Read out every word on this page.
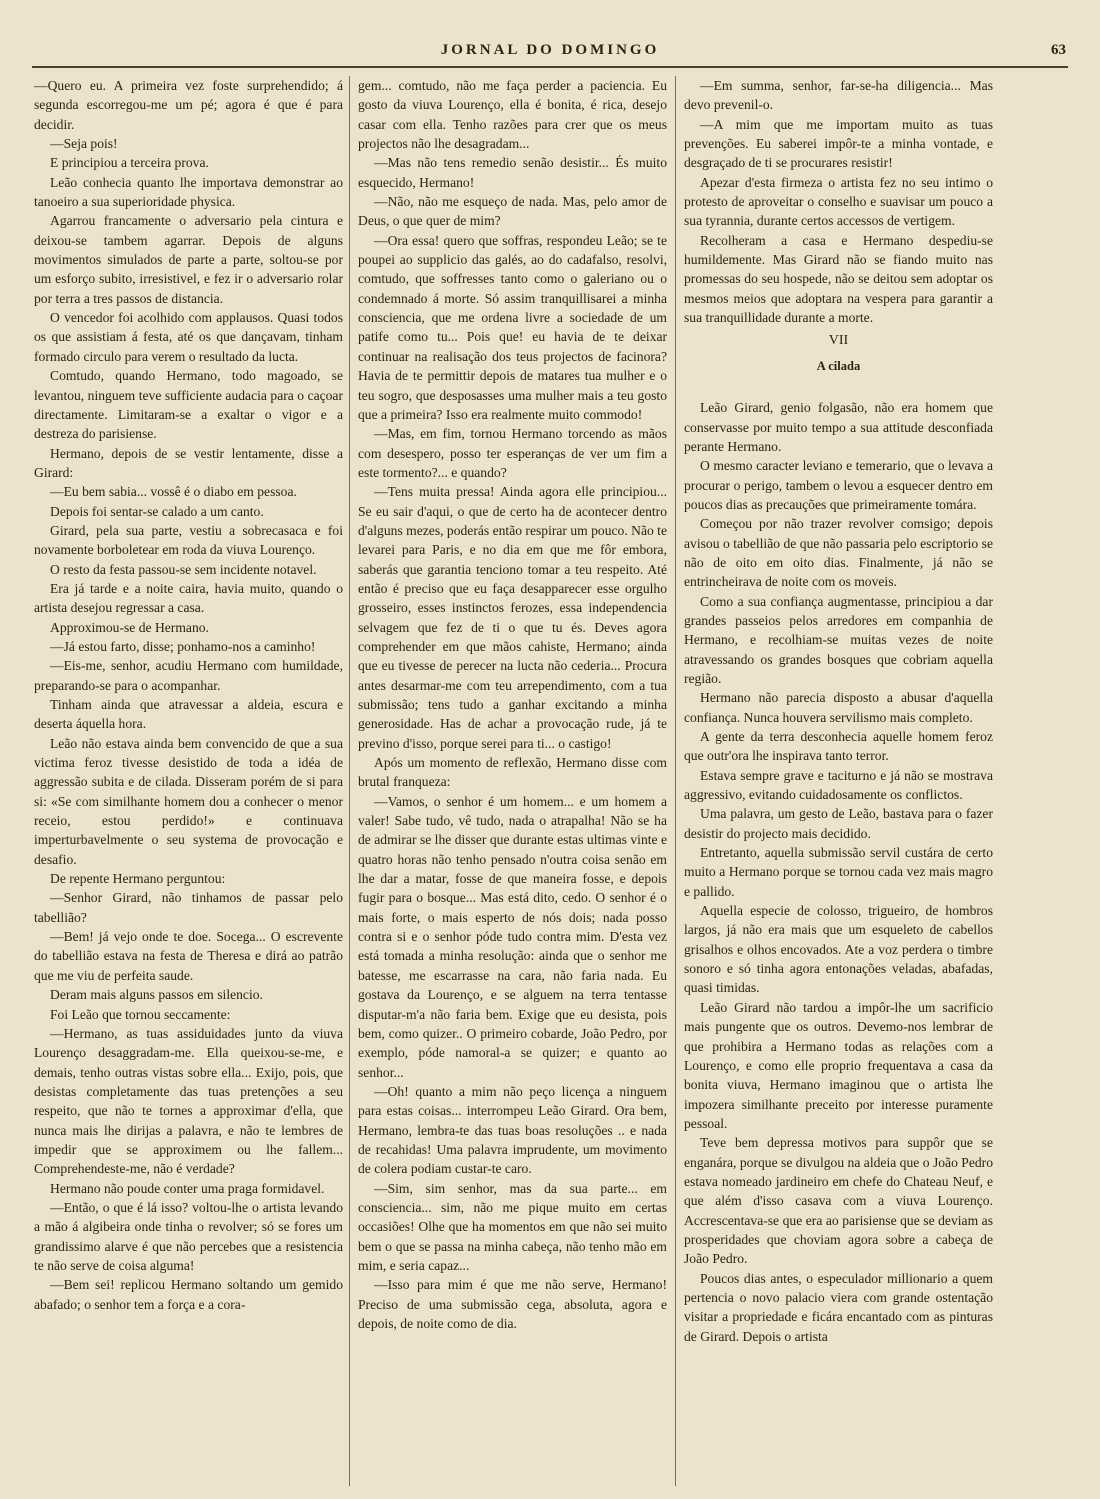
JORNAL DO DOMINGO	63

—Quero eu. A primeira vez foste surprehendido; á segunda escorregou-me um pé; agora é que é para decidir.

—Seja pois!

E principiou a terceira prova.

Leão conhecia quanto lhe importava demonstrar ao tanoeiro a sua superioridade physica.

Agarrou francamente o adversario pela cintura e deixou-se tambem agarrar. Depois de alguns movimentos simulados de parte a parte, soltou-se por um esforço subito, irresistivel, e fez ir o adversario rolar por terra a tres passos de distancia.

O vencedor foi acolhido com applausos. Quasi todos os que assistiam á festa, até os que dançavam, tinham formado circulo para verem o resultado da lucta.

Comtudo, quando Hermano, todo magoado, se levantou, ninguem teve sufficiente audacia para o caçoar directamente. Limitaram-se a exaltar o vigor e a destreza do parisiense.

Hermano, depois de se vestir lentamente, disse a Girard:

—Eu bem sabia... vossê é o diabo em pessoa.

Depois foi sentar-se calado a um canto.

Girard, pela sua parte, vestiu a sobrecasaca e foi novamente borboletear em roda da viuva Lourenço.

O resto da festa passou-se sem incidente notavel.

Era já tarde e a noite caira, havia muito, quando o artista desejou regressar a casa.

Approximou-se de Hermano.

—Já estou farto, disse; ponhamo-nos a caminho!

—Eis-me, senhor, acudiu Hermano com humildade, preparando-se para o acompanhar.

Tinham ainda que atravessar a aldeia, escura e deserta áquella hora.

Leão não estava ainda bem convencido de que a sua victima feroz tivesse desistido de toda a idéa de aggressão subita e de cilada. Disseram porém de si para si: «Se com similhante homem dou a conhecer o menor receio, estou perdido!» e continuava imperturbavelmente o seu systema de provocação e desafio.

De repente Hermano perguntou:

—Senhor Girard, não tinhamos de passar pelo tabellião?

—Bem! já vejo onde te doe. Socega... O escrevente do tabellião estava na festa de Theresa e dirá ao patrão que me viu de perfeita saude.

Deram mais alguns passos em silencio.

Foi Leão que tornou seccamente:

—Hermano, as tuas assiduidades junto da viuva Lourenço desaggradam-me. Ella queixou-se-me, e demais, tenho outras vistas sobre ella... Exijo, pois, que desistas completamente das tuas pretenções a seu respeito, que não te tornes a approximar d'ella, que nunca mais lhe dirijas a palavra, e não te lembres de impedir que se approximem ou lhe fallem... Comprehendeste-me, não é verdade?

Hermano não poude conter uma praga formidavel.

—Então, o que é lá isso? voltou-lhe o artista levando a mão á algibeira onde tinha o revolver; só se fores um grandissimo alarve é que não percebes que a resistencia te não serve de coisa alguma!

—Bem sei! replicou Hermano soltando um gemido abafado; o senhor tem a força e a cora-

gem... comtudo, não me faça perder a paciencia. Eu gosto da viuva Lourenço, ella é bonita, é rica, desejo casar com ella. Tenho razões para crer que os meus projectos não lhe desagradam...

—Mas não tens remedio senão desistir... És muito esquecido, Hermano!

—Não, não me esqueço de nada. Mas, pelo amor de Deus, o que quer de mim?

—Ora essa! quero que soffras, respondeu Leão; se te poupei ao supplicio das galés, ao do cadafalso, resolvi, comtudo, que soffresses tanto como o galeriano ou o condemnado á morte. Só assim tranquillisarei a minha consciencia, que me ordena livre a sociedade de um patife como tu... Pois que! eu havia de te deixar continuar na realisação dos teus projectos de facinora? Havia de te permittir depois de matares tua mulher e o teu sogro, que desposasses uma mulher mais a teu gosto que a primeira? Isso era realmente muito commodo!

—Mas, em fim, tornou Hermano torcendo as mãos com desespero, posso ter esperanças de ver um fim a este tormento?... e quando?

—Tens muita pressa! Ainda agora elle principiou... Se eu sair d'aqui, o que de certo ha de acontecer dentro d'alguns mezes, poderás então respirar um pouco. Não te levarei para Paris, e no dia em que me fôr embora, saberás que garantia tenciono tomar a teu respeito. Até então é preciso que eu faça desapparecer esse orgulho grosseiro, esses instinctos ferozes, essa independencia selvagem que fez de ti o que tu és. Deves agora comprehender em que mãos cahiste, Hermano; ainda que eu tivesse de perecer na lucta não cederia... Procura antes desarmar-me com teu arrependimento, com a tua submissão; tens tudo a ganhar excitando a minha generosidade. Has de achar a provocação rude, já te previno d'isso, porque serei para ti... o castigo!

Após um momento de reflexão, Hermano disse com brutal franqueza:

—Vamos, o senhor é um homem... e um homem a valer! Sabe tudo, vê tudo, nada o atrapalha! Não se ha de admirar se lhe disser que durante estas ultimas vinte e quatro horas não tenho pensado n'outra coisa senão em lhe dar a matar, fosse de que maneira fosse, e depois fugir para o bosque... Mas está dito, cedo. O senhor é o mais forte, o mais esperto de nós dois; nada posso contra si e o senhor póde tudo contra mim. D'esta vez está tomada a minha resolução: ainda que o senhor me batesse, me escarrasse na cara, não faria nada. Eu gostava da Lourenço, e se alguem na terra tentasse disputar-m'a não faria bem. Exige que eu desista, pois bem, como quizer.. O primeiro cobarde, João Pedro, por exemplo, póde namoral-a se quizer; e quanto ao senhor...

—Oh! quanto a mim não peço licença a ninguem para estas coisas... interrompeu Leão Girard. Ora bem, Hermano, lembra-te das tuas boas resoluções .. e nada de recahidas! Uma palavra imprudente, um movimento de colera podiam custar-te caro.

—Sim, sim senhor, mas da sua parte... em consciencia... sim, não me pique muito em certas occasiões! Olhe que ha momentos em que não sei muito bem o que se passa na minha cabeça, não tenho mão em mim, e seria capaz...

—Isso para mim é que me não serve, Hermano! Preciso de uma submissão cega, absoluta, agora e depois, de noite como de dia.

—Em summa, senhor, far-se-ha diligencia... Mas devo prevenil-o.

—A mim que me importam muito as tuas prevenções. Eu saberei impôr-te a minha vontade, e desgraçado de ti se procurares resistir!

Apezar d'esta firmeza o artista fez no seu intimo o protesto de aproveitar o conselho e suavisar um pouco a sua tyrannia, durante certos accessos de vertigem.

Recolheram a casa e Hermano despediu-se humildemente. Mas Girard não se fiando muito nas promessas do seu hospede, não se deitou sem adoptar os mesmos meios que adoptara na vespera para garantir a sua tranquillidade durante a morte.

VII
A cilada

Leão Girard, genio folgasão, não era homem que conservasse por muito tempo a sua attitude desconfiada perante Hermano.

O mesmo caracter leviano e temerario, que o levava a procurar o perigo, tambem o levou a esquecer dentro em poucos dias as precauções que primeiramente tomára.

Começou por não trazer revolver comsigo; depois avisou o tabellião de que não passaria pelo escriptorio se não de oito em oito dias. Finalmente, já não se entrincheirava de noite com os moveis.

Como a sua confiança augmentasse, principiou a dar grandes passeios pelos arredores em companhia de Hermano, e recolhiam-se muitas vezes de noite atravessando os grandes bosques que cobriam aquella região.

Hermano não parecia disposto a abusar d'aquella confiança. Nunca houvera servilismo mais completo.

A gente da terra desconhecia aquelle homem feroz que outr'ora lhe inspirava tanto terror.

Estava sempre grave e taciturno e já não se mostrava aggressivo, evitando cuidadosamente os conflictos.

Uma palavra, um gesto de Leão, bastava para o fazer desistir do projecto mais decidido.

Entretanto, aquella submissão servil custára de certo muito a Hermano porque se tornou cada vez mais magro e pallido.

Aquella especie de colosso, trigueiro, de hombros largos, já não era mais que um esqueleto de cabellos grisalhos e olhos encovados. Ate a voz perdera o timbre sonoro e só tinha agora entonações veladas, abafadas, quasi timidas.

Leão Girard não tardou a impôr-lhe um sacrificio mais pungente que os outros. Devemo-nos lembrar de que prohibira a Hermano todas as relações com a Lourenço, e como elle proprio frequentava a casa da bonita viuva, Hermano imaginou que o artista lhe impozera similhante preceito por interesse puramente pessoal.

Teve bem depressa motivos para suppôr que se enganára, porque se divulgou na aldeia que o João Pedro estava nomeado jardineiro em chefe do Chateau Neuf, e que além d'isso casava com a viuva Lourenço. Accrescentava-se que era ao parisiense que se deviam as prosperidades que choviam agora sobre a cabeça de João Pedro.

Poucos dias antes, o especulador millionario a quem pertencia o novo palacio viera com grande ostentação visitar a propriedade e ficára encantado com as pinturas de Girard. Depois o artista
